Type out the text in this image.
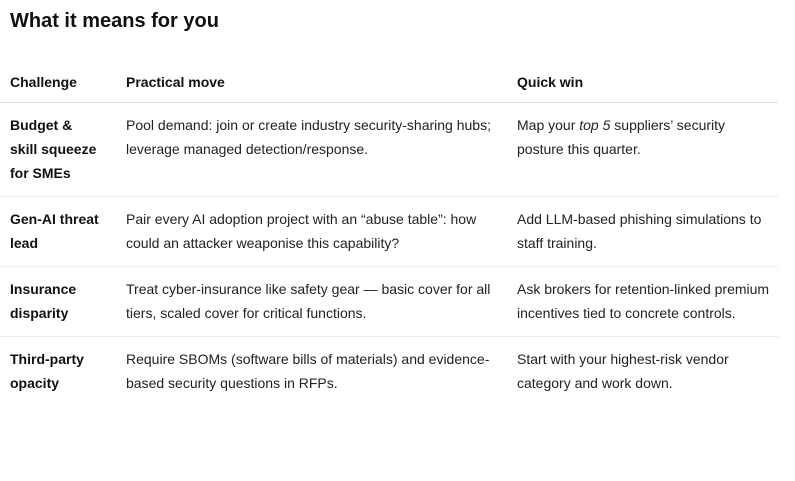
What it means for you
Challenge	Practical move	Quick win
Budget & skill squeeze for SMEs	Pool demand: join or create industry security-sharing hubs; leverage managed detection/response.	Map your top 5 suppliers’ security posture this quarter.
Gen-AI threat lead	Pair every AI adoption project with an “abuse table”: how could an attacker weaponise this capability?	Add LLM-based phishing simulations to staff training.
Insurance disparity	Treat cyber-insurance like safety gear — basic cover for all tiers, scaled cover for critical functions.	Ask brokers for retention-linked premium incentives tied to concrete controls.
Third-party opacity	Require SBOMs (software bills of materials) and evidence-based security questions in RFPs.	Start with your highest-risk vendor category and work down.
